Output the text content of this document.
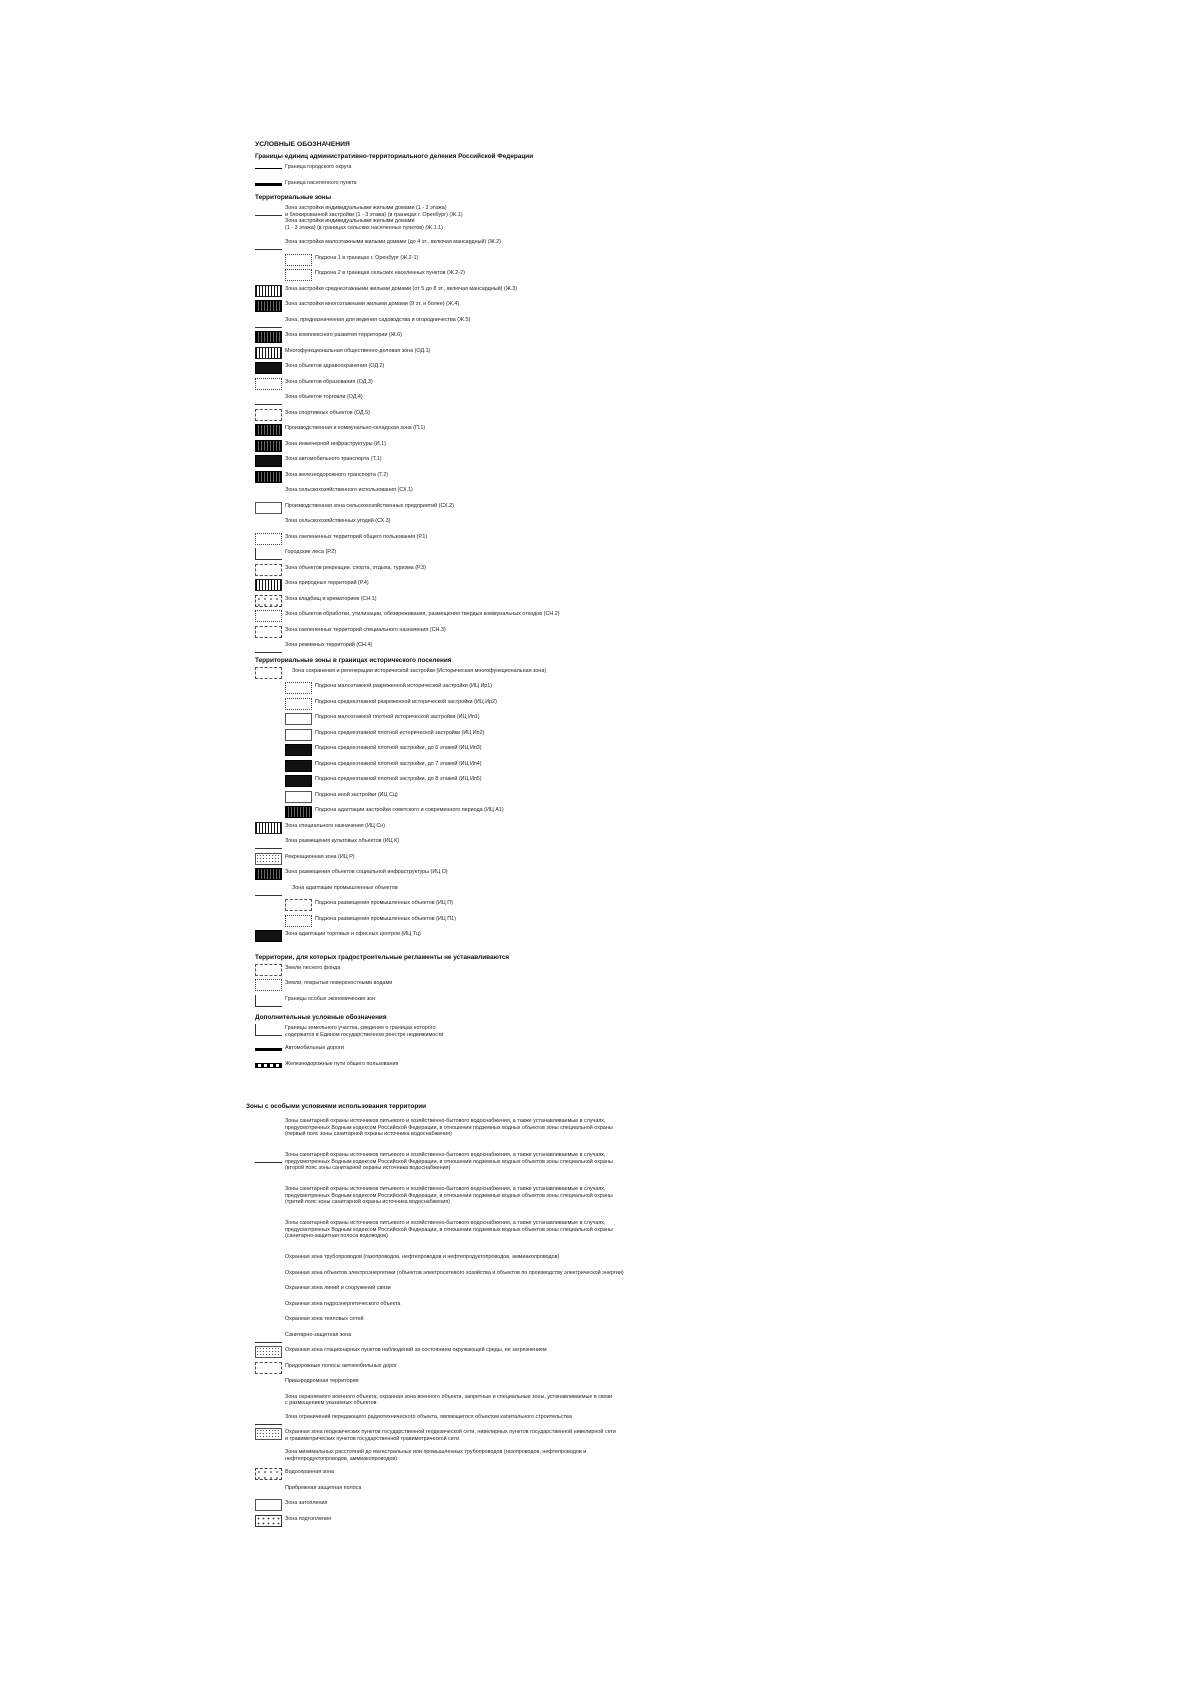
УСЛОВНЫЕ ОБОЗНАЧЕНИЯ
Границы единиц административно-территориального деления Российской Федерации
Граница городского округа
Граница населенного пункта
Территориальные зоны
Зона застройки индивидуальными жилыми домами (1 - 3 этажа)
и блокированной застройки (1 - 3 этажа) (в границах г. Оренбург) (Ж.1)
Зона застройки индивидуальными жилыми домами
(1 - 3 этажа) (в границах сельских населенных пунктов) (Ж.1.1)
Зона застройки малоэтажными жилыми домами (до 4 эт., включая мансардный) (Ж.2)
Подзона 1 в границах г. Оренбург (Ж.2-1)
Подзона 2 в границах сельских населенных пунктов (Ж.2-2)
Зона застройки среднеэтажными жилыми домами (от 5 до 8 эт., включая мансардный) (Ж.3)
Зона застройки многоэтажными жилыми домами (9 эт. и более) (Ж.4)
Зона, предназначенная для ведения садоводства и огородничества (Ж.5)
Зона комплексного развития территории (Ж.6)
Многофункциональная общественно-деловая зона (ОД.1)
Зона объектов здравоохранения (ОД.2)
Зона объектов образования (ОД.3)
Зона объектов торговли (ОД.4)
Зона спортивных объектов (ОД.5)
Производственная и коммунально-складская зона (П.1)
Зона инженерной инфраструктуры (И.1)
Зона автомобильного транспорта (Т.1)
Зона железнодорожного транспорта (Т.2)
Зона сельскохозяйственного использования (СХ.1)
Производственная зона сельскохозяйственных предприятий (СХ.2)
Зона сельскохозяйственных угодий (СХ.3)
Зона озелененных территорий общего пользования (Р.1)
Городские леса (Р.2)
Зона объектов рекреации, спорта, отдыха, туризма (Р.3)
Зона природных территорий (Р.4)
Зона кладбищ и крематориев (СН.1)
Зона объектов обработки, утилизации, обезвреживания, размещения твердых коммунальных отходов (СН.2)
Зона озелененных территорий специального назначения (СН.3)
Зона режимных территорий (СН.4)
Территориальные зоны в границах исторического поселения
Зона сохранения и регенерации исторической застройки (Историческая многофункциональная зона)
Подзона малоэтажной разреженной исторической застройки (ИЦ Ир1)
Подзона среднеэтажной разреженной исторической застройки (ИЦ Ир2)
Подзона малоэтажной плотной исторической застройки (ИЦ Ип1)
Подзона среднеэтажной плотной исторической застройки (ИЦ Ип2)
Подзона среднеэтажной плотной застройки, до 6 этажей (ИЦ Ип3)
Подзона среднеэтажной плотной застройки, до 7 этажей (ИЦ Ип4)
Подзона среднеэтажной плотной застройки, до 8 этажей (ИЦ Ип5)
Подзона иной застройки (ИЦ Сц)
Подзона адаптации застройки советского и современного периода (ИЦ А1)
Зона специального назначения (ИЦ Сн)
Зона размещения культовых объектов (ИЦ К)
Рекреационная зона (ИЦ Р)
Зона размещения объектов социальной инфраструктуры (ИЦ О)
Зона адаптации промышленных объектов
Подзона размещения промышленных объектов (ИЦ П)
Подзона размещения промышленных объектов (ИЦ П1)
Зона адаптации торговых и офисных центров (ИЦ Тц)
Территории, для которых градостроительные регламенты не устанавливаются
Земли лесного фонда
Земли, покрытые поверхностными водами
Границы особых экономических зон
Дополнительные условные обозначения
Границы земельного участка, сведения о границах которого
содержатся в Едином государственном реестре недвижимости
Автомобильные дороги
Железнодорожные пути общего пользования
Зоны с особыми условиями использования территории
Зоны санитарной охраны источников питьевого и хозяйственно-бытового водоснабжения, а также устанавливаемые в случаях,
предусмотренных Водным кодексом Российской Федерации, в отношении подземных водных объектов зоны специальной охраны
(первый пояс зоны санитарной охраны источника водоснабжения)
Зоны санитарной охраны источников питьевого и хозяйственно-бытового водоснабжения, а также устанавливаемые в случаях,
предусмотренных Водным кодексом Российской Федерации, в отношении подземных водных объектов зоны специальной охраны
(второй пояс зоны санитарной охраны источника водоснабжения)
Зоны санитарной охраны источников питьевого и хозяйственно-бытового водоснабжения, а также устанавливаемые в случаях,
предусмотренных Водным кодексом Российской Федерации, в отношении подземных водных объектов зоны специальной охраны
(третий пояс зоны санитарной охраны источника водоснабжения)
Зоны санитарной охраны источников питьевого и хозяйственно-бытового водоснабжения, а также устанавливаемые в случаях,
предусмотренных Водным кодексом Российской Федерации, в отношении подземных водных объектов зоны специальной охраны
(санитарно-защитная полоса водоводов)
Охранная зона трубопроводов (газопроводов, нефтепроводов и нефтепродуктопроводов, аммиакопроводов)
Охранная зона объектов электроэнергетики (объектов электросетевого хозяйства и объектов по производству электрической энергии)
Охранная зона линий и сооружений связи
Охранная зона гидроэнергетического объекта
Охранная зона тепловых сетей
Санитарно-защитная зона
Охранная зона стационарных пунктов наблюдений за состоянием окружающей среды, ее загрязнением
Придорожные полосы автомобильных дорог
Приаэродромная территория
Зона охраняемого военного объекта, охранная зона военного объекта, запретные и специальные зоны, устанавливаемые в связи
с размещением указанных объектов
Зона ограничений передающего радиотехнического объекта, являющегося объектом капитального строительства
Охранная зона геодезических пунктов государственной геодезической сети, нивелирных пунктов государственной нивелирной сети
и гравиметрических пунктов государственной гравиметрической сети
Зона минимальных расстояний до магистральных или промышленных трубопроводов (газопроводов, нефтепроводов и
нефтепродуктопроводов, аммиакопроводов)
Водоохранная зона
Прибрежная защитная полоса
Зона затопления
Зона подтопления
